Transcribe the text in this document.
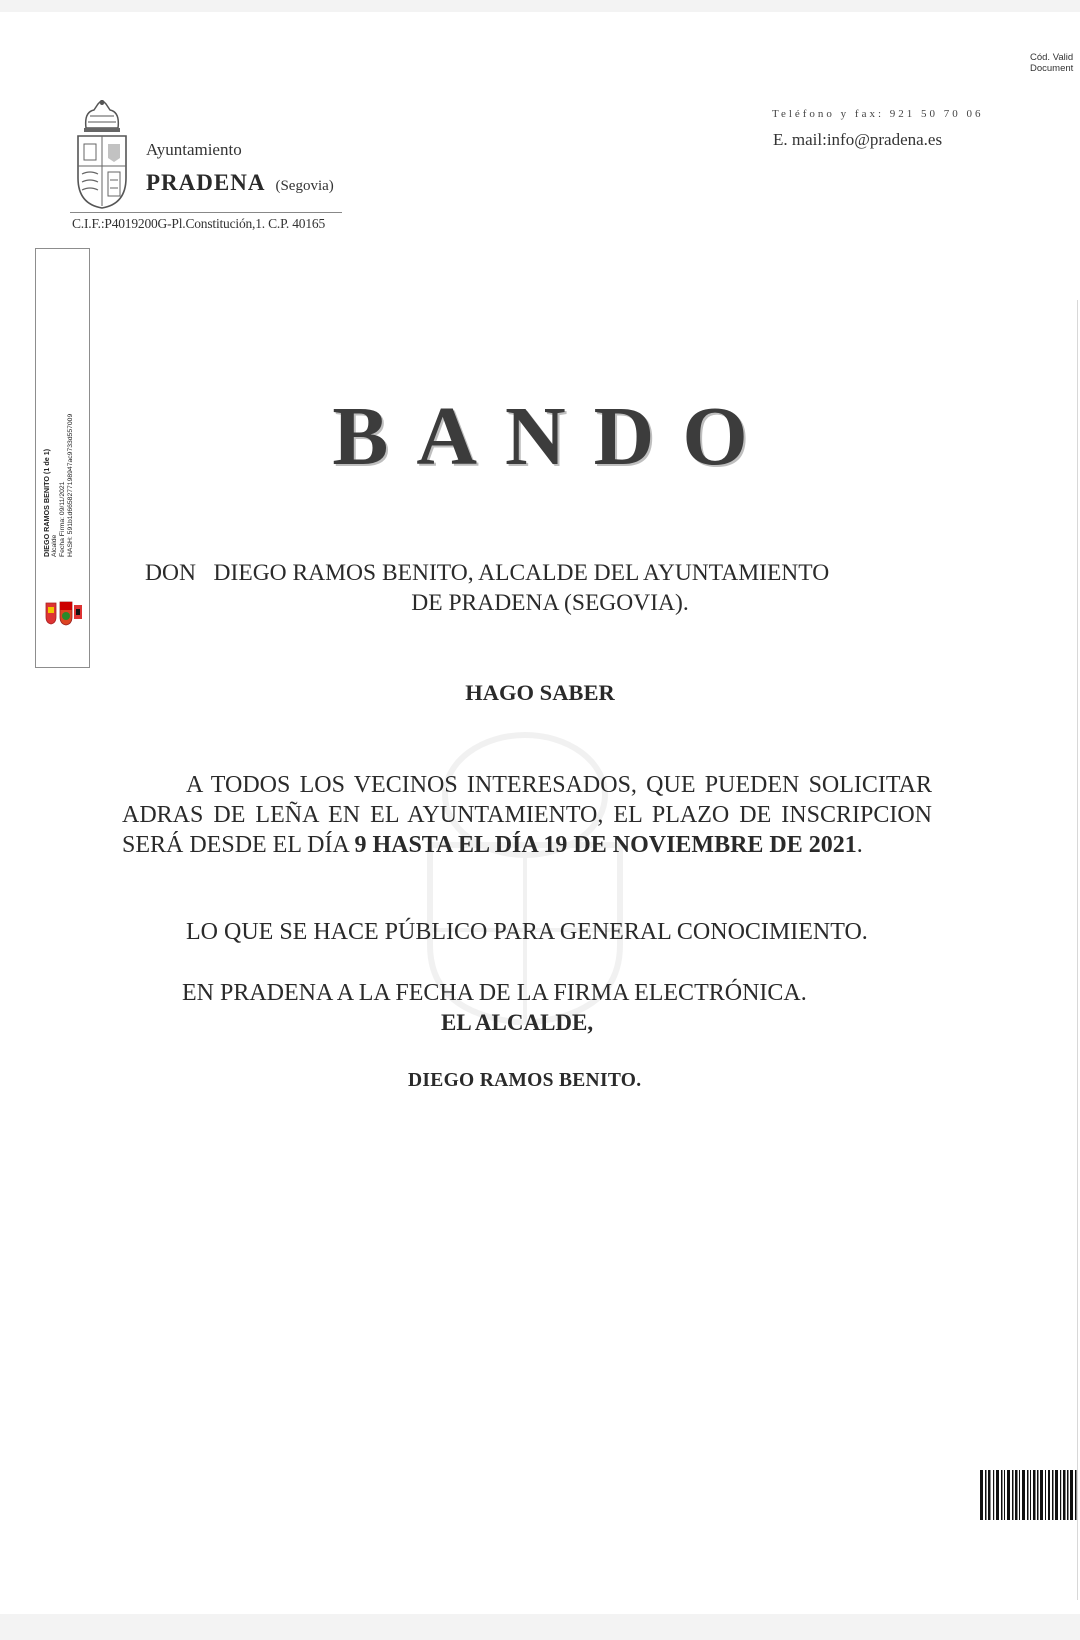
Ayuntamiento
PRADENA (Segovia)
C.I.F.:P4019200G-Pl.Constitución,1. C.P. 40165
Teléfono y fax: 921 50 70 06
E. mail:info@pradena.es
Cód. Valid
Document
DIEGO RAMOS BENITO (1 de 1) Alcalde Fecha Firma: 09/11/2021 HASH: 591b1d6658277198947ac9733d557009	BANDO
DON   DIEGO RAMOS BENITO, ALCALDE DEL AYUNTAMIENTO
DE PRADENA (SEGOVIA).
HAGO SABER
A TODOS LOS VECINOS INTERESADOS, QUE PUEDEN SOLICITAR ADRAS DE LEÑA EN EL AYUNTAMIENTO, EL PLAZO DE INSCRIPCION SERÁ DESDE EL DÍA 9 HASTA EL DÍA 19 DE NOVIEMBRE DE 2021.
LO QUE SE HACE PÚBLICO PARA GENERAL CONOCIMIENTO.
EN PRADENA A LA FECHA DE LA FIRMA ELECTRÓNICA.
EL ALCALDE,
DIEGO RAMOS BENITO.
